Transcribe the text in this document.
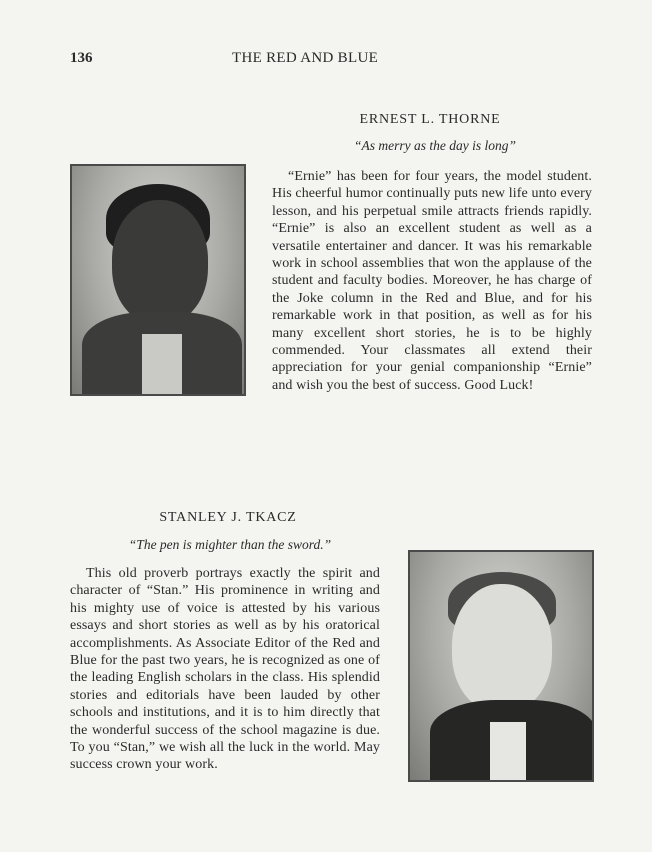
136	THE RED AND BLUE
ERNEST L. THORNE
“As merry as the day is long”

“Ernie” has been for four years, the model student. His cheerful humor continually puts new life unto every lesson, and his perpetual smile attracts friends rapidly. “Ernie” is also an excellent student as well as a versatile entertainer and dancer. It was his remarkable work in school assemblies that won the applause of the student and faculty bodies. Moreover, he has charge of the Joke column in the Red and Blue, and for his remarkable work in that position, as well as for his many excellent short stories, he is to be highly commended. Your classmates all extend their appreciation for your genial companionship “Ernie” and wish you the best of success. Good Luck!

STANLEY J. TKACZ
“The pen is mighter than the sword.”

This old proverb portrays exactly the spirit and character of “Stan.” His prominence in writing and his mighty use of voice is attested by his various essays and short stories as well as by his oratorical accomplishments. As Associate Editor of the Red and Blue for the past two years, he is recognized as one of the leading English scholars in the class. His splendid stories and editorials have been lauded by other schools and institutions, and it is to him directly that the wonderful success of the school magazine is due. To you “Stan,” we wish all the luck in the world. May success crown your work.
